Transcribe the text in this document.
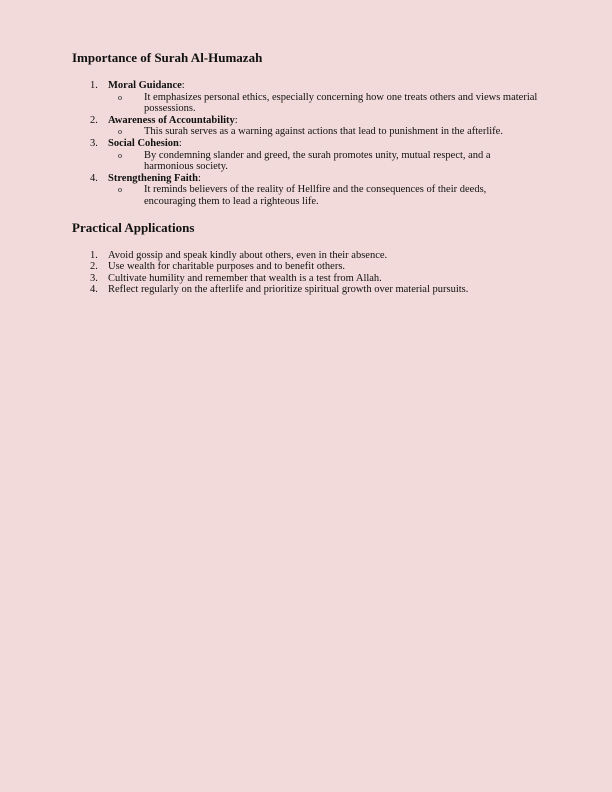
Importance of Surah Al-Humazah
1. Moral Guidance:
o It emphasizes personal ethics, especially concerning how one treats others and views material possessions.
2. Awareness of Accountability:
o This surah serves as a warning against actions that lead to punishment in the afterlife.
3. Social Cohesion:
o By condemning slander and greed, the surah promotes unity, mutual respect, and a harmonious society.
4. Strengthening Faith:
o It reminds believers of the reality of Hellfire and the consequences of their deeds, encouraging them to lead a righteous life.
Practical Applications
1. Avoid gossip and speak kindly about others, even in their absence.
2. Use wealth for charitable purposes and to benefit others.
3. Cultivate humility and remember that wealth is a test from Allah.
4. Reflect regularly on the afterlife and prioritize spiritual growth over material pursuits.
